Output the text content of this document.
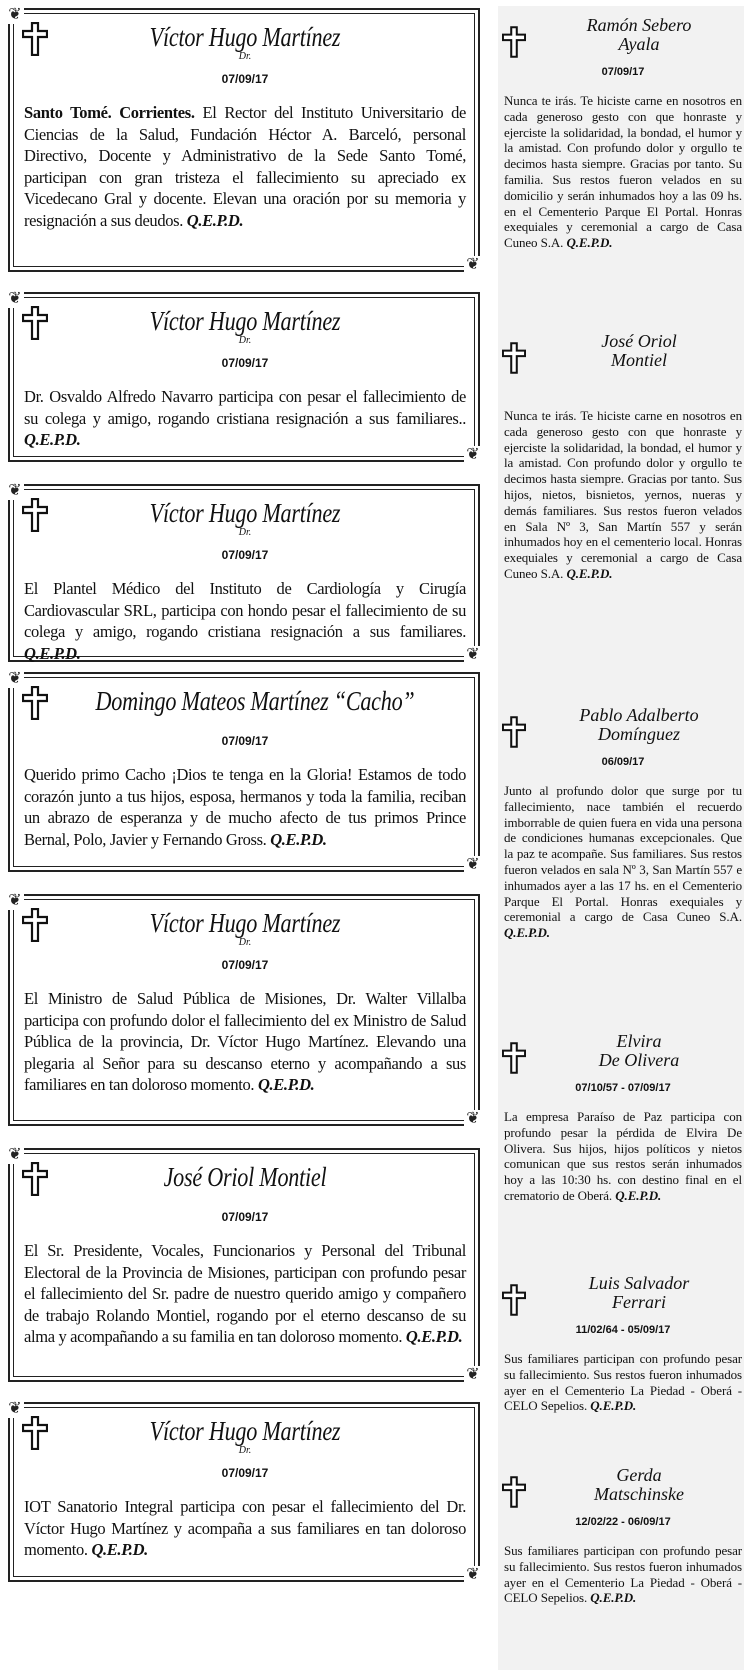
❦
❦
Víctor Hugo Martínez
Dr.
07/09/17

Santo Tomé. Corrientes. El Rector del Instituto Universitario de Ciencias de la Salud, Fundación Héctor A. Barceló, personal Directivo, Docente y Administrativo de la Sede Santo Tomé, participan con gran tristeza el fallecimiento su apreciado ex Vicedecano Gral y docente. Elevan una oración por su memoria y resignación a sus deudos. Q.E.P.D.

❦
❦
Víctor Hugo Martínez
Dr.
07/09/17

Dr. Osvaldo Alfredo Navarro participa con pesar el fallecimiento de su colega y amigo, rogando cristiana resignación a sus familiares.. Q.E.P.D.

❦
❦
Víctor Hugo Martínez
Dr.
07/09/17

El Plantel Médico del Instituto de Cardiología y Cirugía Cardiovascular SRL, participa con hondo pesar el fallecimiento de su colega y amigo, rogando cristiana resignación a sus familiares. Q.E.P.D.

❦
❦
Domingo Mateos Martínez “Cacho”
07/09/17

Querido primo Cacho ¡Dios te tenga en la Gloria! Estamos de todo corazón junto a tus hijos, esposa, hermanos y toda la familia, reciban un abrazo de esperanza y de mucho afecto de tus primos Prince Bernal, Polo, Javier y Fernando Gross. Q.E.P.D.

❦
❦
Víctor Hugo Martínez
Dr.
07/09/17

El Ministro de Salud Pública de Misiones, Dr. Walter Villalba participa con profundo dolor el fallecimiento del ex Ministro de Salud Pública de la provincia, Dr. Víctor Hugo Martínez. Elevando una plegaria al Señor para su descanso eterno y acompañando a sus familiares en tan doloroso momento. Q.E.P.D.

❦
❦
José Oriol Montiel
07/09/17

El Sr. Presidente, Vocales, Funcionarios y Personal del Tribunal Electoral de la Provincia de Misiones, participan con profundo pesar el fallecimiento del Sr. padre de nuestro querido amigo y compañero de trabajo Rolando Montiel, rogando por el eterno descanso de su alma y acompañando a su familia en tan doloroso momento. Q.E.P.D.

❦
❦
Víctor Hugo Martínez
Dr.
07/09/17

IOT Sanatorio Integral participa con pesar el fallecimiento del Dr. Víctor Hugo Martínez y acompaña a sus familiares en tan doloroso momento. Q.E.P.D.

Ramón Sebero
Ayala
07/09/17

Nunca te irás. Te hiciste carne en nosotros en cada generoso gesto con que honraste y ejerciste la solidaridad, la bondad, el humor y la amistad. Con profundo dolor y orgullo te decimos hasta siempre. Gracias por tanto. Su familia. Sus restos fueron velados en su domicilio y serán inhumados hoy a las 09 hs. en el Cementerio Parque El Portal. Honras exequiales y ceremonial a cargo de Casa Cuneo S.A. Q.E.P.D.

José Oriol
Montiel

Nunca te irás. Te hiciste carne en nosotros en cada generoso gesto con que honraste y ejerciste la solidaridad, la bondad, el humor y la amistad. Con profundo dolor y orgullo te decimos hasta siempre. Gracias por tanto. Sus hijos, nietos, bisnietos, yernos, nueras y demás familiares. Sus restos fueron velados en Sala Nº 3, San Martín 557 y serán inhumados hoy en el cementerio local. Honras exequiales y ceremonial a cargo de Casa Cuneo S.A. Q.E.P.D.

Pablo Adalberto
Domínguez
06/09/17

Junto al profundo dolor que surge por tu fallecimiento, nace también el recuerdo imborrable de quien fuera en vida una persona de condiciones humanas excepcionales. Que la paz te acompañe. Sus familiares. Sus restos fueron velados en sala Nº 3, San Martín 557 e inhumados ayer a las 17 hs. en el Cementerio Parque El Portal. Honras exequiales y ceremonial a cargo de Casa Cuneo S.A. Q.E.P.D.

Elvira
De Olivera
07/10/57 - 07/09/17

La empresa Paraíso de Paz participa con profundo pesar la pérdida de Elvira De Olivera. Sus hijos, hijos políticos y nietos comunican que sus restos serán inhumados hoy a las 10:30 hs. con destino final en el crematorio de Oberá. Q.E.P.D.

Luis Salvador
Ferrari
11/02/64 - 05/09/17

Sus familiares participan con profundo pesar su fallecimiento. Sus restos fueron inhumados ayer en el Cementerio La Piedad - Oberá - CELO Sepelios. Q.E.P.D.

Gerda
Matschinske
12/02/22 - 06/09/17

Sus familiares participan con profundo pesar su fallecimiento. Sus restos fueron inhumados ayer en el Cementerio La Piedad - Oberá - CELO Sepelios. Q.E.P.D.
